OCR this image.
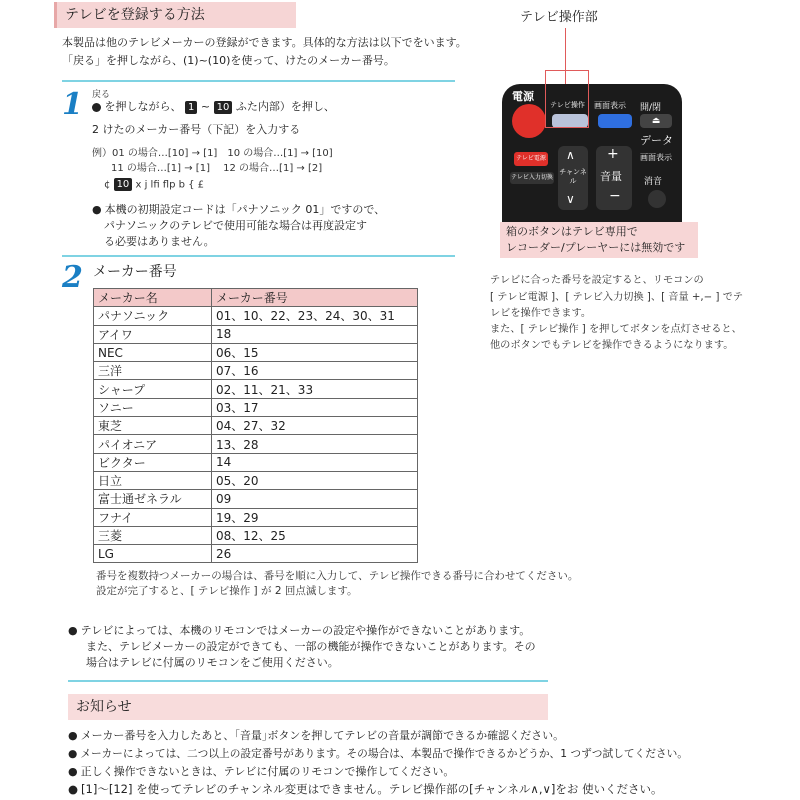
テレビを登録する方法
本製品は他のテレビメーカーの登録ができます。具体的な方法は以下でをいます。
「戻る」を押しながら、(1)~(10)を使って、けたのメーカー番号。
1 戻る
を押しながら、 1 ~ 10 ふた内部）を押し、
2 けたのメーカー番号（下記）を入力する
例）01 の場合…[10] → [1]　10 の場合…[1] → [10]
11 の場合…[1] → [1]　 12 の場合…[1] → [2]
¢ 10 x j lfi flp b { £
● 本機の初期設定コードは「パナソニック 01」ですので、
パナソニックのテレビで使用可能な場合は再度設定す
る必要はありません。
2 メーカー番号
メーカー名	メーカー番号
パナソニック	01、10、22、23、24、30、31
アイワ	18
NEC	06、15
三洋	07、16
シャープ	02、11、21、33
ソニー	03、17
東芝	04、27、32
パイオニア	13、28
ビクター	14
日立	05、20
富士通ゼネラル	09
フナイ	19、29
三菱	08、12、25
LG	26
番号を複数持つメーカーの場合は、番号を順に入力して、テレビ操作できる番号に合わせてください。
設定が完了すると、[ テレビ操作 ] が 2 回点滅します。
● テレビによっては、本機のリモコンではメーカーの設定や操作ができないことがあります。
また、テレビメーカーの設定ができても、一部の機能が操作できないことがあります。その
場合はテレビに付属のリモコンをご使用ください。
テレビ操作部
電源
テレビ操作 画面表示 開/閉
⏏
データ
テレビ電源
テレビ入力切換
∧
チャンネル
∨
+
音量
−
画面表示
消音
箱のボタンはテレビ専用で
レコーダー/プレーヤーには無効です
テレビに合った番号を設定すると、リモコンの
[ テレビ電源 ]、[ テレビ入力切換 ]、[ 音量 +,− ] でテ
レビを操作できます。
また、[ テレビ操作 ] を押してボタンを点灯させると、
他のボタンでもテレビを操作できるようになります。
お知らせ
● メーカー番号を入力したあと、｢音量｣ボタンを押してテレビの音量が調節できるか確認ください。
● メーカーによっては、二つ以上の設定番号があります。その場合は、本製品で操作できるかどうか、1 つずつ試してください。
● 正しく操作できないときは、テレビに付属のリモコンで操作してください。
● [1]～[12] を使ってテレビのチャンネル変更はできません。テレビ操作部の[チャンネル∧,∨]をお 使いください。
